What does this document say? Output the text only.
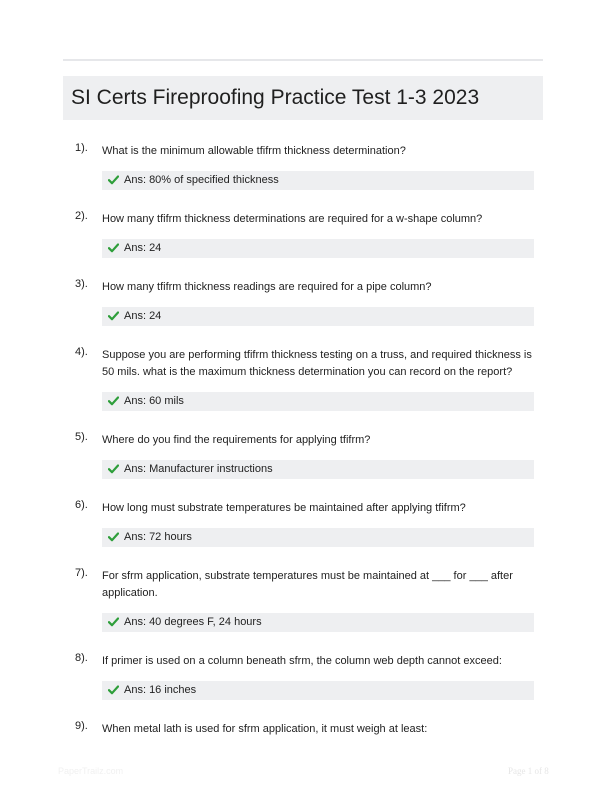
SI Certs Fireproofing Practice Test 1-3 2023
1). What is the minimum allowable tfifrm thickness determination?
Ans: 80% of specified thickness
2). How many tfifrm thickness determinations are required for a w-shape column?
Ans: 24
3). How many tfifrm thickness readings are required for a pipe column?
Ans: 24
4). Suppose you are performing tfifrm thickness testing on a truss, and required thickness is 50 mils. what is the maximum thickness determination you can record on the report?
Ans: 60 mils
5). Where do you find the requirements for applying tfifrm?
Ans: Manufacturer instructions
6). How long must substrate temperatures be maintained after applying tfifrm?
Ans: 72 hours
7). For sfrm application, substrate temperatures must be maintained at ___ for ___ after application.
Ans: 40 degrees F, 24 hours
8). If primer is used on a column beneath sfrm, the column web depth cannot exceed:
Ans: 16 inches
9). When metal lath is used for sfrm application, it must weigh at least:
PaperTrailz.com	Page 1 of 8
